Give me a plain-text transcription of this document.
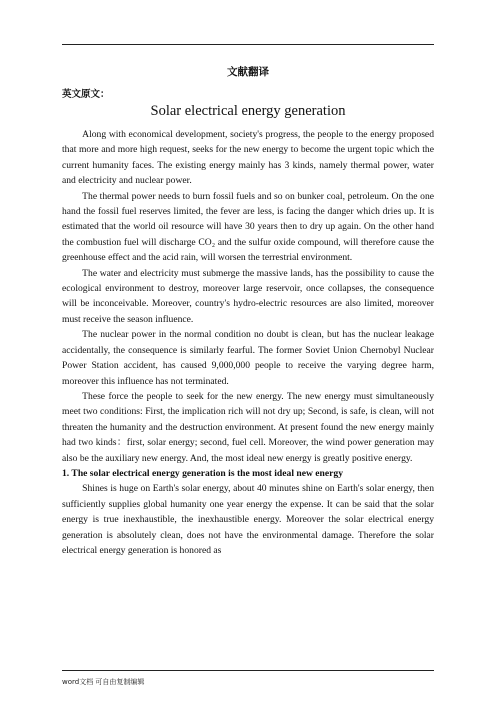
文献翻译
英文原文：
Solar electrical energy generation

Along with economical development, society's progress, the people to the energy proposed that more and more high request, seeks for the new energy to become the urgent topic which the current humanity faces. The existing energy mainly has 3 kinds, namely thermal power, water and electricity and nuclear power.

The thermal power needs to burn fossil fuels and so on bunker coal, petroleum. On the one hand the fossil fuel reserves limited, the fever are less, is facing the danger which dries up. It is estimated that the world oil resource will have 30 years then to dry up again. On the other hand the combustion fuel will discharge CO₂ and the sulfur oxide compound, will therefore cause the greenhouse effect and the acid rain, will worsen the terrestrial environment.

The water and electricity must submerge the massive lands, has the possibility to cause the ecological environment to destroy, moreover large reservoir, once collapses, the consequence will be inconceivable. Moreover, country's hydro-electric resources are also limited, moreover must receive the season influence.

The nuclear power in the normal condition no doubt is clean, but has the nuclear leakage accidentally, the consequence is similarly fearful. The former Soviet Union Chernobyl Nuclear Power Station accident, has caused 9,000,000 people to receive the varying degree harm, moreover this influence has not terminated.

These force the people to seek for the new energy. The new energy must simultaneously meet two conditions: First, the implication rich will not dry up; Second, is safe, is clean, will not threaten the humanity and the destruction environment. At present found the new energy mainly had two kinds：first, solar energy; second, fuel cell. Moreover, the wind power generation may also be the auxiliary new energy. And, the most ideal new energy is greatly positive energy.

1. The solar electrical energy generation is the most ideal new energy

Shines is huge on Earth's solar energy, about 40 minutes shine on Earth's solar energy, then sufficiently supplies global humanity one year energy the expense. It can be said that the solar energy is true inexhaustible, the inexhaustible energy. Moreover the solar electrical energy generation is absolutely clean, does not have the environmental damage. Therefore the solar electrical energy generation is honored as

word文档 可自由复制编辑
